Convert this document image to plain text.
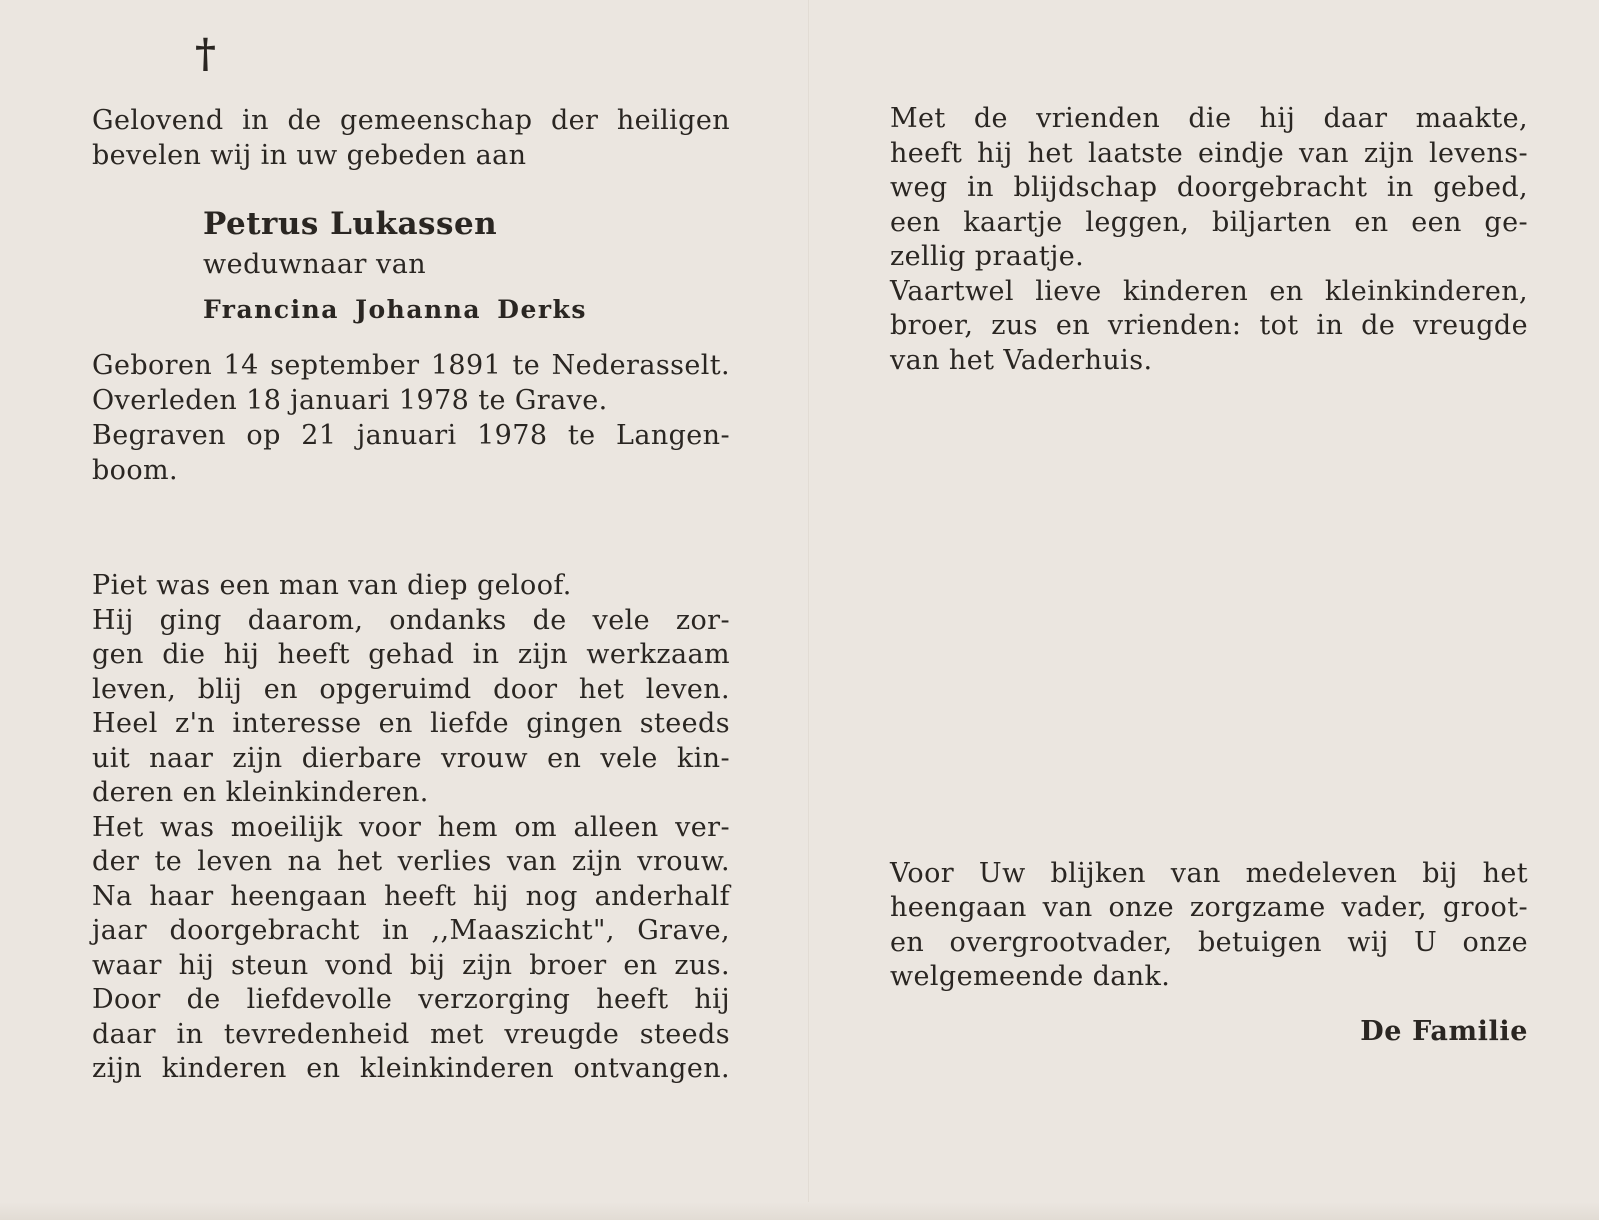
†
Gelovend in de gemeenschap der heiligen
bevelen wij in uw gebeden aan
Petrus Lukassen
weduwnaar van
Francina Johanna Derks
Geboren 14 september 1891 te Nederasselt.
Overleden 18 januari 1978 te Grave.
Begraven op 21 januari 1978 te Langen-
boom.
Piet was een man van diep geloof.
Hij ging daarom, ondanks de vele zor-
gen die hij heeft gehad in zijn werkzaam
leven, blij en opgeruimd door het leven.
Heel z'n interesse en liefde gingen steeds
uit naar zijn dierbare vrouw en vele kin-
deren en kleinkinderen.
Het was moeilijk voor hem om alleen ver-
der te leven na het verlies van zijn vrouw.
Na haar heengaan heeft hij nog anderhalf
jaar doorgebracht in ,,Maaszicht", Grave,
waar hij steun vond bij zijn broer en zus.
Door de liefdevolle verzorging heeft hij
daar in tevredenheid met vreugde steeds
zijn kinderen en kleinkinderen ontvangen.
Met de vrienden die hij daar maakte,
heeft hij het laatste eindje van zijn levens-
weg in blijdschap doorgebracht in gebed,
een kaartje leggen, biljarten en een ge-
zellig praatje.
Vaartwel lieve kinderen en kleinkinderen,
broer, zus en vrienden: tot in de vreugde
van het Vaderhuis.
Voor Uw blijken van medeleven bij het
heengaan van onze zorgzame vader, groot-
en overgrootvader, betuigen wij U onze
welgemeende dank.
De Familie
